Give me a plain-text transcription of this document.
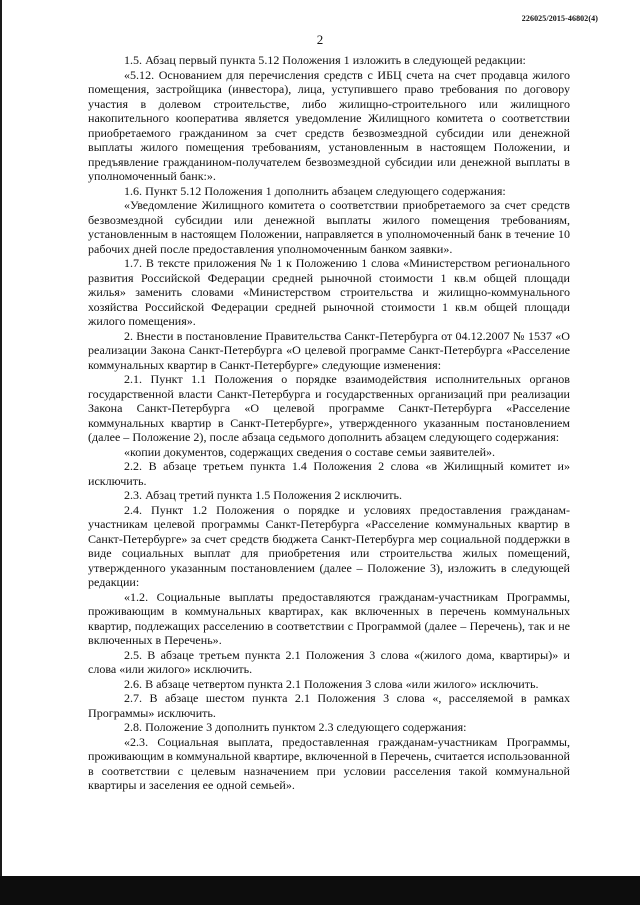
226025/2015-46802(4)
2

1.5. Абзац первый пункта 5.12 Положения 1 изложить в следующей редакции:

«5.12. Основанием для перечисления средств с ИБЦ счета на счет продавца жилого помещения, застройщика (инвестора), лица, уступившего право требования по договору участия в долевом строительстве, либо жилищно-строительного или жилищного накопительного кооператива является уведомление Жилищного комитета о соответствии приобретаемого гражданином за счет средств безвозмездной субсидии или денежной выплаты жилого помещения требованиям, установленным в настоящем Положении, и предъявление гражданином-получателем безвозмездной субсидии или денежной выплаты в уполномоченный банк:».

1.6. Пункт 5.12 Положения 1 дополнить абзацем следующего содержания:

«Уведомление Жилищного комитета о соответствии приобретаемого за счет средств безвозмездной субсидии или денежной выплаты жилого помещения требованиям, установленным в настоящем Положении, направляется в уполномоченный банк в течение 10 рабочих дней после предоставления уполномоченным банком заявки».

1.7. В тексте приложения № 1 к Положению 1 слова «Министерством регионального развития Российской Федерации средней рыночной стоимости 1 кв.м общей площади жилья» заменить словами «Министерством строительства и жилищно-коммунального хозяйства Российской Федерации средней рыночной стоимости 1 кв.м общей площади жилого помещения».

2. Внести в постановление Правительства Санкт-Петербурга от 04.12.2007 № 1537 «О реализации Закона Санкт-Петербурга «О целевой программе Санкт-Петербурга «Расселение коммунальных квартир в Санкт-Петербурге» следующие изменения:

2.1. Пункт 1.1 Положения о порядке взаимодействия исполнительных органов государственной власти Санкт-Петербурга и государственных организаций при реализации Закона Санкт-Петербурга «О целевой программе Санкт-Петербурга «Расселение коммунальных квартир в Санкт-Петербурге», утвержденного указанным постановлением (далее – Положение 2), после абзаца седьмого дополнить абзацем следующего содержания:

«копии документов, содержащих сведения о составе семьи заявителей».

2.2. В абзаце третьем пункта 1.4 Положения 2 слова «в Жилищный комитет и» исключить.

2.3. Абзац третий пункта 1.5 Положения 2 исключить.

2.4. Пункт 1.2 Положения о порядке и условиях предоставления гражданам-участникам целевой программы Санкт-Петербурга «Расселение коммунальных квартир в Санкт-Петербурге» за счет средств бюджета Санкт-Петербурга мер социальной поддержки в виде социальных выплат для приобретения или строительства жилых помещений, утвержденного указанным постановлением (далее – Положение 3), изложить в следующей редакции:

«1.2. Социальные выплаты предоставляются гражданам-участникам Программы, проживающим в коммунальных квартирах, как включенных в перечень коммунальных квартир, подлежащих расселению в соответствии с Программой (далее – Перечень), так и не включенных в Перечень».

2.5. В абзаце третьем пункта 2.1 Положения 3 слова «(жилого дома, квартиры)» и слова «или жилого» исключить.

2.6. В абзаце четвертом пункта 2.1 Положения 3 слова «или жилого» исключить.

2.7. В абзаце шестом пункта 2.1 Положения 3 слова «, расселяемой в рамках Программы» исключить.

2.8. Положение 3 дополнить пунктом 2.3 следующего содержания:

«2.3. Социальная выплата, предоставленная гражданам-участникам Программы, проживающим в коммунальной квартире, включенной в Перечень, считается использованной в соответствии с целевым назначением при условии расселения такой коммунальной квартиры и заселения ее одной семьей».
